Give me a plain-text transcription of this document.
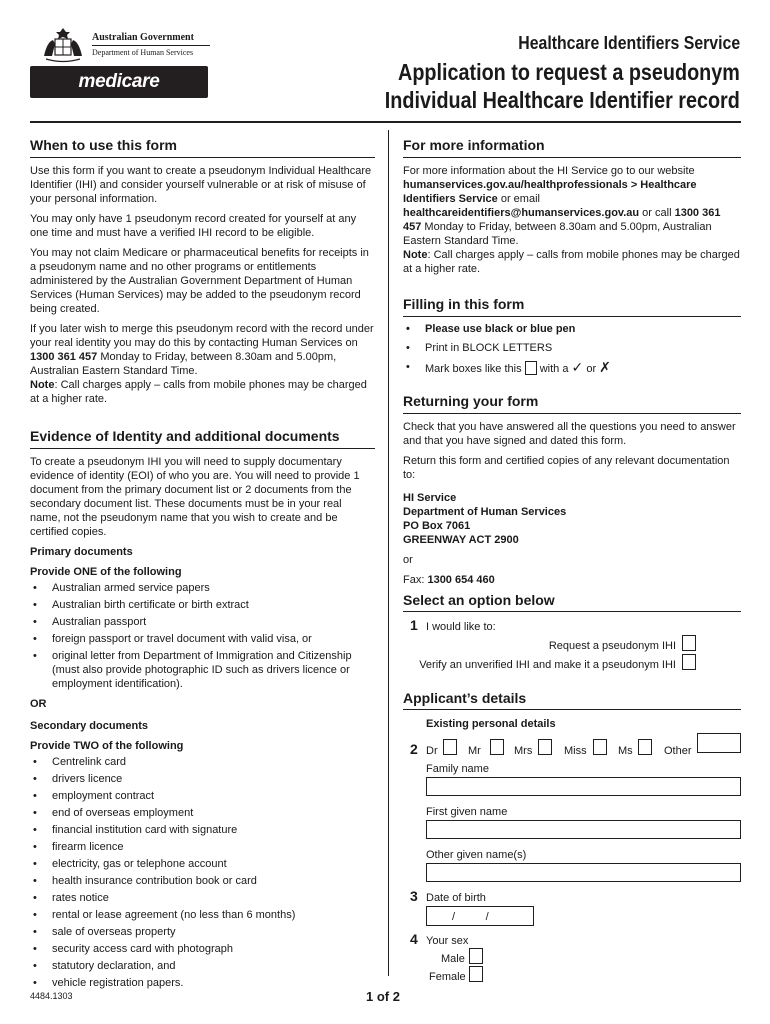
Australian Government
Department of Human Services
medicare
Healthcare Identifiers Service
Application to request a pseudonym
Individual Healthcare Identifier record
When to use this form

Use this form if you want to create a pseudonym Individual Healthcare Identifier (IHI) and consider yourself vulnerable or at risk of misuse of your personal information.

You may only have 1 pseudonym record created for yourself at any one time and must have a verified IHI record to be eligible.

You may not claim Medicare or pharmaceutical benefits for receipts in a pseudonym name and no other programs or entitlements administered by the Australian Government Department of Human Services (Human Services) may be added to the pseudonym record being created.

If you later wish to merge this pseudonym record with the record under your real identity you may do this by contacting Human Services on 1300 361 457 Monday to Friday, between 8.30am and 5.00pm, Australian Eastern Standard Time.

Note: Call charges apply – calls from mobile phones may be charged at a higher rate.

Evidence of Identity and additional documents

To create a pseudonym IHI you will need to supply documentary evidence of identity (EOI) of who you are. You will need to provide 1 document from the primary document list or 2 documents from the secondary document list. These documents must be in your real name, not the pseudonym name that you wish to create and be certified copies.

Primary documents

Provide ONE of the following

• Australian armed service papers
• Australian birth certificate or birth extract
• Australian passport
• foreign passport or travel document with valid visa, or
• original letter from Department of Immigration and Citizenship (must also provide photographic ID such as drivers licence or employment identification).

OR

Secondary documents

Provide TWO of the following

• Centrelink card
• drivers licence
• employment contract
• end of overseas employment
• financial institution card with signature
• firearm licence
• electricity, gas or telephone account
• health insurance contribution book or card
• rates notice
• rental or lease agreement (no less than 6 months)
• sale of overseas property
• security access card with photograph
• statutory declaration, and
• vehicle registration papers.
For more information

For more information about the HI Service go to our website

humanservices.gov.au/healthprofessionals > Healthcare Identifiers Service or email
healthcareidentifiers@humanservices.gov.au or call 1300 361 457 Monday to Friday, between 8.30am and 5.00pm, Australian Eastern Standard Time.
Note: Call charges apply – calls from mobile phones may be charged at a higher rate.

Filling in this form
• Please use black or blue pen
• Print in BLOCK LETTERS
• Mark boxes like this with a ✓ or ✗
Returning your form

Check that you have answered all the questions you need to answer and that you have signed and dated this form.

Return this form and certified copies of any relevant documentation to:

HI Service
Department of Human Services
PO Box 7061
GREENWAY ACT 2900

or

Fax: 1300 654 460

Select an option below
1 I would like to:
Request a pseudonym IHI
Verify an unverified IHI and make it a pseudonym IHI
Applicant’s details
Existing personal details
2 Dr	Mr	Mrs	Miss	Ms	Other
Family name
First given name
Other given name(s)
3 Date of birth
/          /
4 Your sex
Male
Female
4484.1303	1 of 2
